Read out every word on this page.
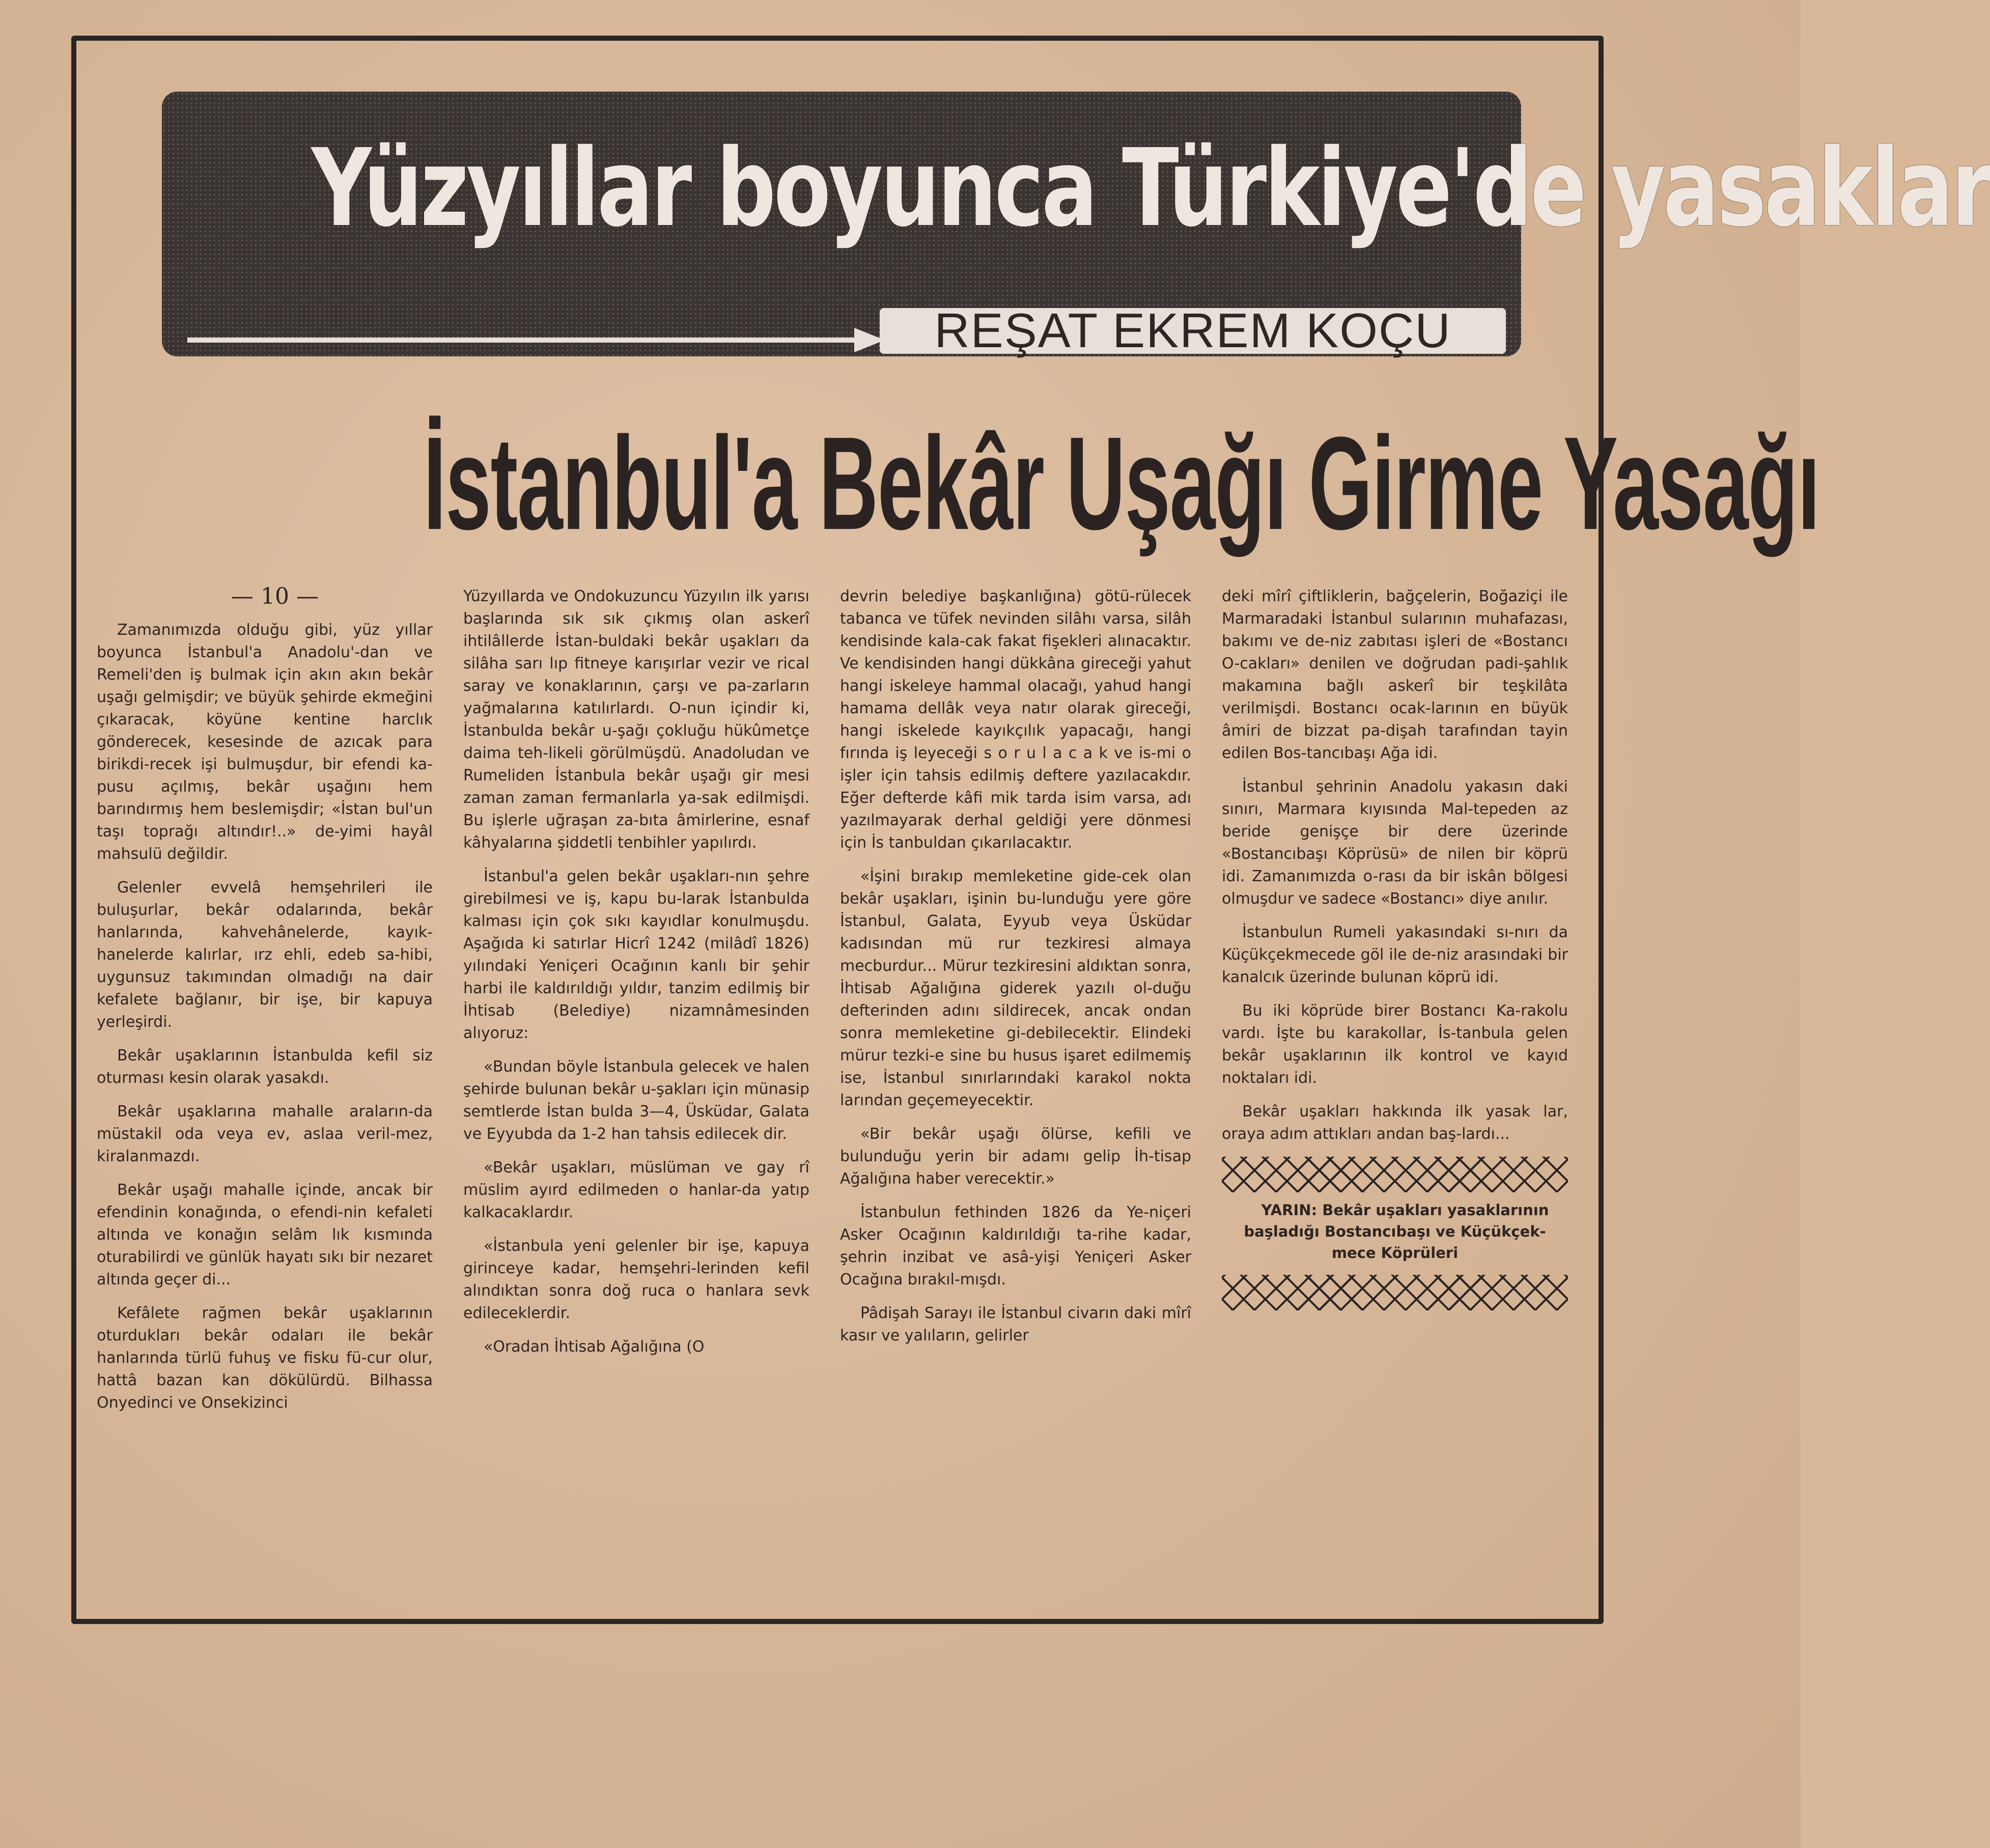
Yüzyıllar boyunca Türkiye'de yasaklar
REŞAT EKREM KOÇU
İstanbul'a Bekâr Uşağı Girme Yasağı

— 10 —

Zamanımızda olduğu gibi, yüz yıllar boyunca İstanbul'a Anadolu'-dan ve Remeli'den iş bulmak için akın akın bekâr uşağı gelmişdir; ve büyük şehirde ekmeğini çıkaracak, köyüne kentine harclık gönderecek, kesesinde de azıcak para birikdi-recek işi bulmuşdur, bir efendi ka-pusu açılmış, bekâr uşağını hem barındırmış hem beslemişdir; «İstan bul'un taşı toprağı altındır!..» de-yimi hayâl mahsulü değildir.

Gelenler evvelâ hemşehrileri ile buluşurlar, bekâr odalarında, bekâr hanlarında, kahvehânelerde, kayık-hanelerde kalırlar, ırz ehli, edeb sa-hibi, uygunsuz takımından olmadığı na dair kefalete bağlanır, bir işe, bir kapuya yerleşirdi.

Bekâr uşaklarının İstanbulda kefil siz oturması kesin olarak yasakdı.

Bekâr uşaklarına mahalle araların-da müstakil oda veya ev, aslaa veril-mez, kiralanmazdı.

Bekâr uşağı mahalle içinde, ancak bir efendinin konağında, o efendi-nin kefaleti altında ve konağın selâm lık kısmında oturabilirdi ve günlük hayatı sıkı bir nezaret altında geçer di...

Kefâlete rağmen bekâr uşaklarının oturdukları bekâr odaları ile bekâr hanlarında türlü fuhuş ve fisku fü-cur olur, hattâ bazan kan dökülürdü. Bilhassa Onyedinci ve Onsekizinci

Yüzyıllarda ve Ondokuzuncu Yüzyılın ilk yarısı başlarında sık sık çıkmış olan askerî ihtilâllerde İstan-buldaki bekâr uşakları da silâha sarı lıp fitneye karışırlar vezir ve rical saray ve konaklarının, çarşı ve pa-zarların yağmalarına katılırlardı. O-nun içindir ki, İstanbulda bekâr u-şağı çokluğu hükûmetçe daima teh-likeli görülmüşdü. Anadoludan ve Rumeliden İstanbula bekâr uşağı gir mesi zaman zaman fermanlarla ya-sak edilmişdi. Bu işlerle uğraşan za-bıta âmirlerine, esnaf kâhyalarına şiddetli tenbihler yapılırdı.

İstanbul'a gelen bekâr uşakları-nın şehre girebilmesi ve iş, kapu bu-larak İstanbulda kalması için çok sıkı kayıdlar konulmuşdu. Aşağıda ki satırlar Hicrî 1242 (milâdî 1826) yılındaki Yeniçeri Ocağının kanlı bir şehir harbi ile kaldırıldığı yıldır, tanzim edilmiş bir İhtisab (Belediye) nizamnâmesinden alıyoruz:

«Bundan böyle İstanbula gelecek ve halen şehirde bulunan bekâr u-şakları için münasip semtlerde İstan bulda 3—4, Üsküdar, Galata ve Eyyubda da 1-2 han tahsis edilecek dir.

«Bekâr uşakları, müslüman ve gay rî müslim ayırd edilmeden o hanlar-da yatıp kalkacaklardır.

«İstanbula yeni gelenler bir işe, kapuya girinceye kadar, hemşehri-lerinden kefil alındıktan sonra doğ ruca o hanlara sevk edileceklerdir.

«Oradan İhtisab Ağalığına (O

devrin belediye başkanlığına) götü-rülecek tabanca ve tüfek nevinden silâhı varsa, silâh kendisinde kala-cak fakat fişekleri alınacaktır. Ve kendisinden hangi dükkâna gireceği yahut hangi iskeleye hammal olacağı, yahud hangi hamama dellâk veya natır olarak gireceği, hangi iskelede kayıkçılık yapacağı, hangi fırında iş leyeceği s o r u l a c a k ve is-mi o işler için tahsis edilmiş deftere yazılacakdır. Eğer defterde kâfi mik tarda isim varsa, adı yazılmayarak derhal geldiği yere dönmesi için İs tanbuldan çıkarılacaktır.

«İşini bırakıp memleketine gide-cek olan bekâr uşakları, işinin bu-lunduğu yere göre İstanbul, Galata, Eyyub veya Üsküdar kadısından mü rur tezkiresi almaya mecburdur... Mürur tezkiresini aldıktan sonra, İhtisab Ağalığına giderek yazılı ol-duğu defterinden adını sildirecek, ancak ondan sonra memleketine gi-debilecektir. Elindeki mürur tezki-e sine bu husus işaret edilmemiş ise, İstanbul sınırlarındaki karakol nokta larından geçemeyecektir.

«Bir bekâr uşağı ölürse, kefili ve bulunduğu yerin bir adamı gelip İh-tisap Ağalığına haber verecektir.»

İstanbulun fethinden 1826 da Ye-niçeri Asker Ocağının kaldırıldığı ta-rihe kadar, şehrin inzibat ve asâ-yişi Yeniçeri Asker Ocağına bırakıl-mışdı.

Pâdişah Sarayı ile İstanbul civarın daki mîrî kasır ve yalıların, gelirler

deki mîrî çiftliklerin, bağçelerin, Boğaziçi ile Marmaradaki İstanbul sularının muhafazası, bakımı ve de-niz zabıtası işleri de «Bostancı O-cakları» denilen ve doğrudan padi-şahlık makamına bağlı askerî bir teşkilâta verilmişdi. Bostancı ocak-larının en büyük âmiri de bizzat pa-dişah tarafından tayin edilen Bos-tancıbaşı Ağa idi.

İstanbul şehrinin Anadolu yakasın daki sınırı, Marmara kıyısında Mal-tepeden az beride genişçe bir dere üzerinde «Bostancıbaşı Köprüsü» de nilen bir köprü idi. Zamanımızda o-rası da bir iskân bölgesi olmuşdur ve sadece «Bostancı» diye anılır.

İstanbulun Rumeli yakasındaki sı-nırı da Küçükçekmecede göl ile de-niz arasındaki bir kanalcık üzerinde bulunan köprü idi.

Bu iki köprüde birer Bostancı Ka-rakolu vardı. İşte bu karakollar, İs-tanbula gelen bekâr uşaklarının ilk kontrol ve kayıd noktaları idi.

Bekâr uşakları hakkında ilk yasak lar, oraya adım attıkları andan baş-lardı...

YARIN: Bekâr uşakları yasaklarının başladığı Bostancıbaşı ve Küçükçek-mece Köprüleri
